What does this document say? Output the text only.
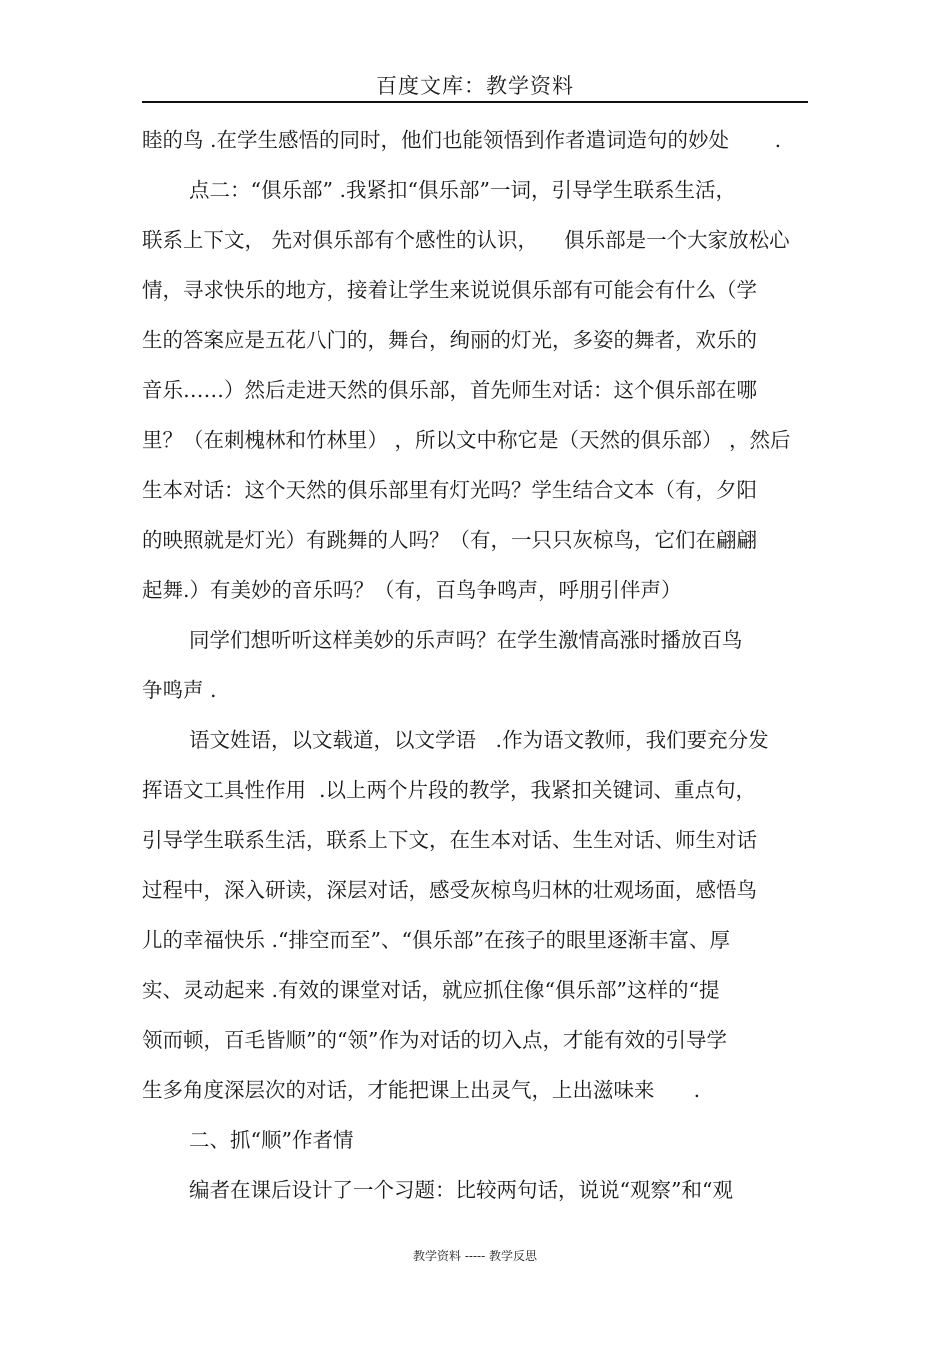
百度文库：教学资料
睦的鸟 .在学生感悟的同时，他们也能领悟到作者遣词造句的妙处       .
点二：“俱乐部” .我紧扣“俱乐部”一词，引导学生联系生活，
联系上下文， 先对俱乐部有个感性的认识，    俱乐部是一个大家放松心
情，寻求快乐的地方，接着让学生来说说俱乐部有可能会有什么（学
生的答案应是五花八门的，舞台，绚丽的灯光，多姿的舞者，欢乐的
音乐……）然后走进天然的俱乐部，首先师生对话：这个俱乐部在哪
里？（在刺槐林和竹林里） ，所以文中称它是（天然的俱乐部） ，然后
生本对话：这个天然的俱乐部里有灯光吗？学生结合文本（有，夕阳
的映照就是灯光）有跳舞的人吗？（有，一只只灰椋鸟，它们在翩翩
起舞.）有美妙的音乐吗？（有，百鸟争鸣声，呼朋引伴声）
同学们想听听这样美妙的乐声吗？在学生激情高涨时播放百鸟
争鸣声 .
语文姓语，以文载道，以文学语   .作为语文教师，我们要充分发
挥语文工具性作用  .以上两个片段的教学，我紧扣关键词、重点句，
引导学生联系生活，联系上下文，在生本对话、生生对话、师生对话
过程中，深入研读，深层对话，感受灰椋鸟归林的壮观场面，感悟鸟
儿的幸福快乐 .“排空而至”、“俱乐部”在孩子的眼里逐渐丰富、厚
实、灵动起来 .有效的课堂对话，就应抓住像“俱乐部”这样的“提
领而顿，百毛皆顺”的“领”作为对话的切入点，才能有效的引导学
生多角度深层次的对话，才能把课上出灵气，上出滋味来      .
二、抓“顺”作者情
编者在课后设计了一个习题：比较两句话，说说“观察”和“观
教学资料 ----- 教学反思
